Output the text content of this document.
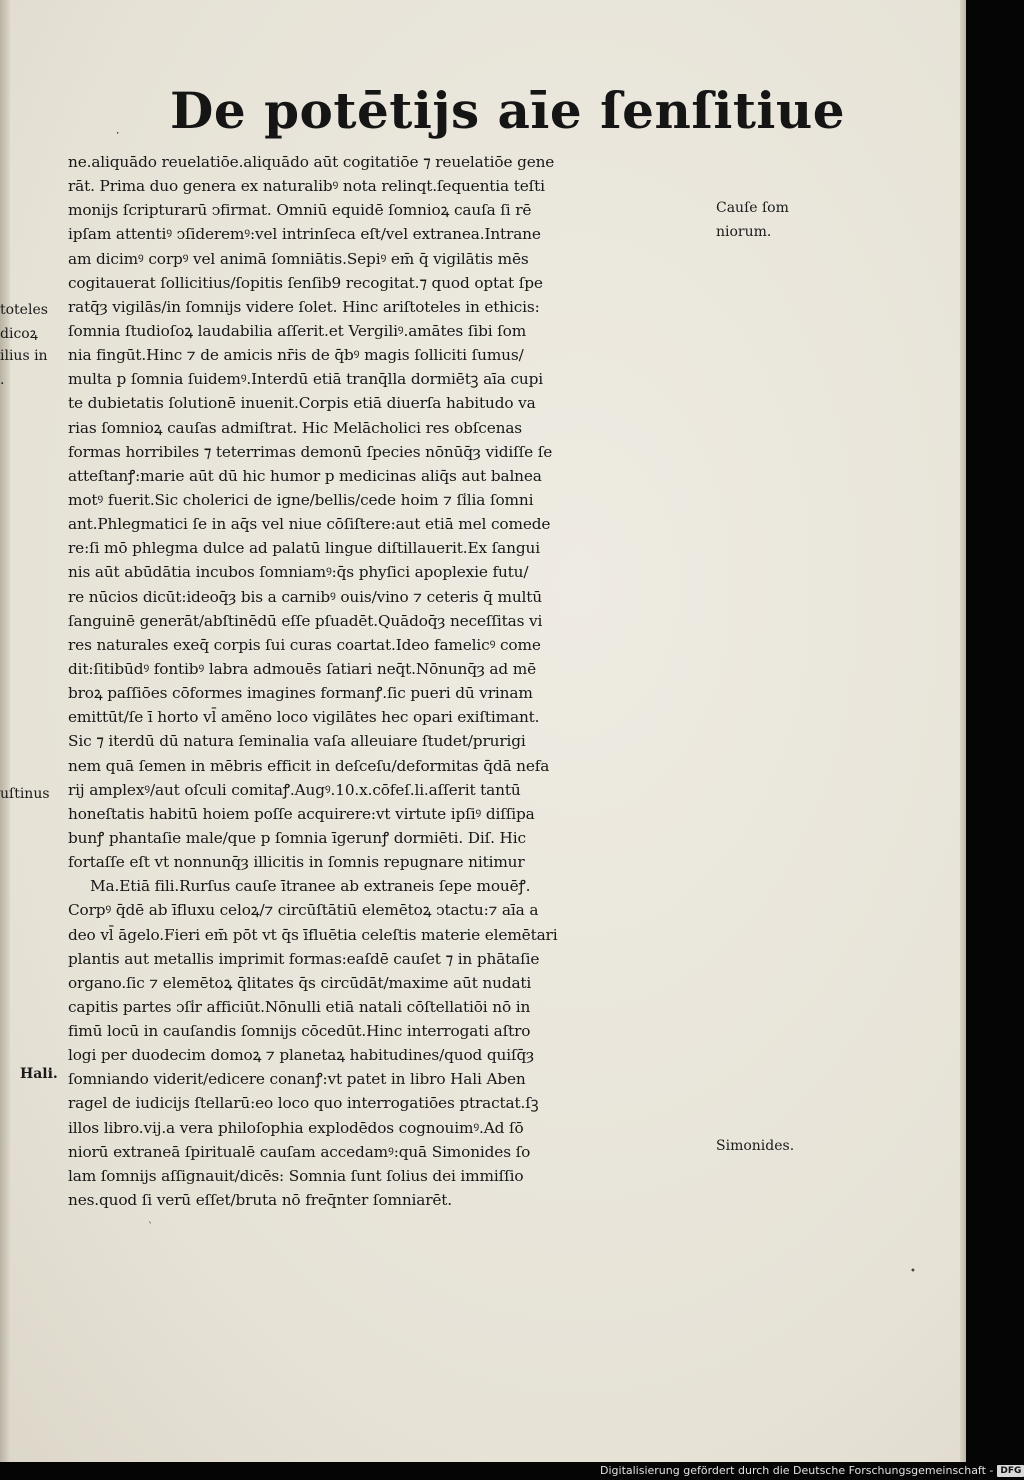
⸳ De potētijs aīe ſenſitiue
ne.aliquādo reuelatiōe.aliquādo aūt cogitatiōe ⁊ reuelatiōe gene
rāt. Prima duo genera ex naturalibꝰ nota relinqt.ſequentia teſti
monijs ſcripturarū ↄfirmat. Omniū equidē ſomnioꝝ cauſa ſi rē
ipſam attentiꝰ ↄſideremꝰ:vel intrinſeca eſt/vel extranea.Intrane
am dicimꝰ corpꝰ vel animā ſomniātis.Sepiꝰ em̄ q̄ vigilātis mēs
cogitauerat ſollicitius/ſopitis ſenſib9 recogitat.⁊ quod optat ſpe
ratq̄ȝ vigilās/in ſomnijs videre ſolet. Hinc ariſtoteles in ethicis:
ſomnia ſtudioſoꝝ laudabilia aſſerit.et Vergiliꝰ.amātes ſibi ſom
nia fingūt.Hinc ⁊ de amicis nr̄is de q̄bꝰ magis ſolliciti ſumus/
multa p ſomnia ſuidemꝰ.Interdū etiā tranq̄lla dormiētꝫ aīa cupi
te dubietatis ſolutionē inuenit.Corpis etiā diuerſa habitudo va
rias ſomnioꝝ cauſas admiſtrat. Hic Melācholici res obſcenas
formas horribiles ⁊ teterrimas demonū ſpecies nōnūq̄ȝ vidiſſe ſe
atteſtanꝭ:marie aūt dū hic humor p medicinas aliq̄s aut balnea
motꝰ fuerit.Sic cholerici de igne/bellis/cede hoim ⁊ ſi̾lia ſomni
ant.Phlegmatici ſe in aq̄s vel niue cōſiſtere:aut etiā mel comede
re:ſi mō phlegma dulce ad palatū lingue diſtillauerit.Ex ſangui
nis aūt abūdātia incubos ſomniamꝰ:q̄s phyſici apoplexie futu/
re nūcios dicūt:ideoq̄ȝ bis a carnibꝰ ouis/vino ⁊ ceteris q̄ multū
ſanguinē generāt/abſtinēdū eſſe pſuadēt.Quādoq̄ȝ neceſſitas vi
res naturales exeq̄ corpis ſui curas coartat.Ideo famelicꝰ come
dit:ſitibūdꝰ fontibꝰ labra admouēs ſatiari neq̄t.Nōnunq̄ȝ ad mē
broꝝ paſſiōes cōformes imagines formanꝭ.ſic pueri dū vrinam
emittūt/ſe ī horto vl̄ amẽno loco vigilātes hec opari exiſtimant.
Sic ⁊ iterdū dū natura ſeminalia vaſa alleuiare ſtudet/prurigi
nem quā ſemen in mēbris efficit in deſceſu/deformitas q̄dā nefa
rij amplexꝰ/aut oſculi comitaꝭ.Augꝰ.10.x.cōfeſ.li.aſſerit tantū
honeſtatis habitū hoiem poſſe acquirere:vt virtute ipſiꝰ diſſipa
bunꝭ phantaſie male/que p ſomnia īgerunꝭ dormiēti. Diſ. Hic
fortaſſe eſt vt nonnunq̄ȝ illicitis in ſomnis repugnare nitimur
Ma.Etiā fili.Rurſus cauſe ītranee ab extraneis ſepe mouēꝭ.
Corpꝰ q̄dē ab īfluxu celoꝝ/⁊ circūſtātiū elemētoꝝ ↄtactu:⁊ aīa a
deo vl̄ āgelo.Fieri em̄ pōt vt q̄s īfluētia celeſtis materie elemētari
plantis aut metallis imprimit formas:eaſdē cauſet ⁊ in phātaſie
organo.ſic ⁊ elemētoꝝ q̄litates q̄s circūdāt/maxime aūt nudati
capitis partes ↄſi̾r afficiūt.Nōnulli etiā natali cōſtellatiōi nō in
fimū locū in cauſandis ſomnijs cōcedūt.Hinc interrogati aſtro
logi per duodecim domoꝝ ⁊ planetaꝝ habitudines/quod quiſq̄ȝ
ſomniando viderit/edicere conanꝭ:vt patet in libro Hali Aben
ragel de iudicijs ſtellarū:eo loco quo interrogatiōes ptractat.ſꝫ
illos libro.vij.a vera philoſophia explodēdos cognouimꝰ.Ad ſō
niorū extraneā ſpiritualē cauſam accedamꝰ:quā Simonides ſo
lam ſomnijs aſſignauit/dicēs: Somnia ſunt ſolius dei immiſſio
nes.quod ſi verū eſſet/bruta nō freq̄nter ſomniarēt.
Cauſe ſom
niorum.
Simonides.
toteles
dicoꝝ
ilius in
.
uſtinus
Hali.
`
•
Digitalisierung gefördert durch die Deutsche Forschungsgemeinschaft - DFG
